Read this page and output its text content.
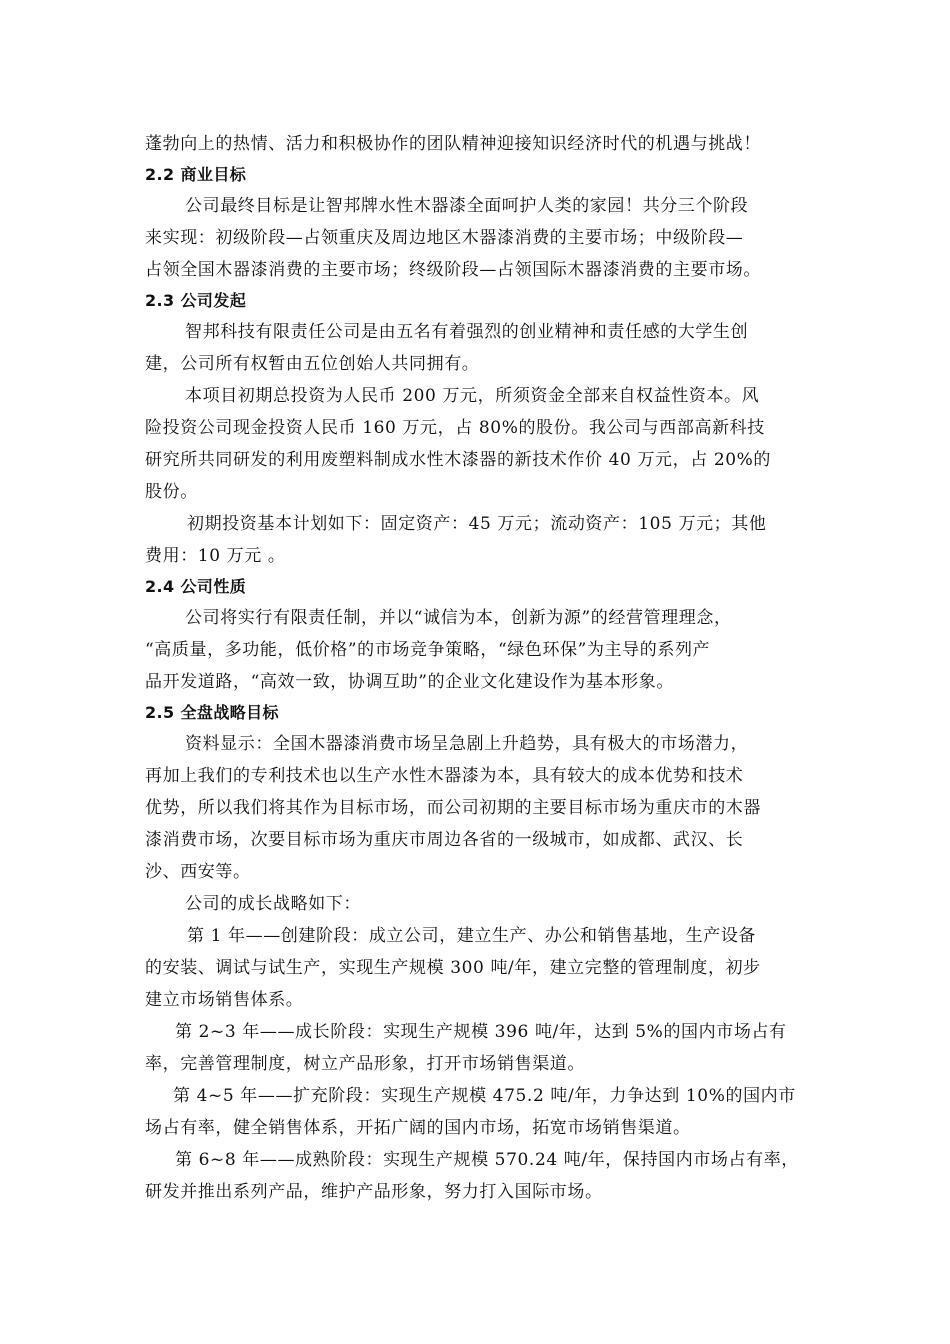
蓬勃向上的热情、活力和积极协作的团队精神迎接知识经济时代的机遇与挑战！
2.2 商业目标
公司最终目标是让智邦牌水性木器漆全面呵护人类的家园！共分三个阶段
来实现：初级阶段—占领重庆及周边地区木器漆消费的主要市场；中级阶段—
占领全国木器漆消费的主要市场；终级阶段—占领国际木器漆消费的主要市场。
2.3 公司发起
智邦科技有限责任公司是由五名有着强烈的创业精神和责任感的大学生创
建，公司所有权暂由五位创始人共同拥有。
本项目初期总投资为人民币 200 万元，所须资金全部来自权益性资本。风
险投资公司现金投资人民币 160 万元，占 80%的股份。我公司与西部高新科技
研究所共同研发的利用废塑料制成水性木漆器的新技术作价 40 万元，占 20%的
股份。
初期投资基本计划如下：固定资产：45 万元；流动资产：105 万元；其他
费用：10 万元 。
2.4 公司性质
公司将实行有限责任制，并以“诚信为本，创新为源”的经营管理理念，
“高质量，多功能，低价格”的市场竞争策略，“绿色环保”为主导的系列产
品开发道路，“高效一致，协调互助”的企业文化建设作为基本形象。
2.5 全盘战略目标
资料显示：全国木器漆消费市场呈急剧上升趋势，具有极大的市场潜力，
再加上我们的专利技术也以生产水性木器漆为本，具有较大的成本优势和技术
优势，所以我们将其作为目标市场，而公司初期的主要目标市场为重庆市的木器
漆消费市场，次要目标市场为重庆市周边各省的一级城市，如成都、武汉、长
沙、西安等。
公司的成长战略如下：
第 1 年——创建阶段：成立公司，建立生产、办公和销售基地，生产设备
的安装、调试与试生产，实现生产规模 300 吨/年，建立完整的管理制度，初步
建立市场销售体系。
第 2~3 年——成长阶段：实现生产规模 396 吨/年，达到 5%的国内市场占有
率，完善管理制度，树立产品形象，打开市场销售渠道。
第 4~5 年——扩充阶段：实现生产规模 475.2 吨/年，力争达到 10%的国内市
场占有率，健全销售体系，开拓广阔的国内市场，拓宽市场销售渠道。
第 6~8 年——成熟阶段：实现生产规模 570.24 吨/年，保持国内市场占有率，
研发并推出系列产品，维护产品形象，努力打入国际市场。
